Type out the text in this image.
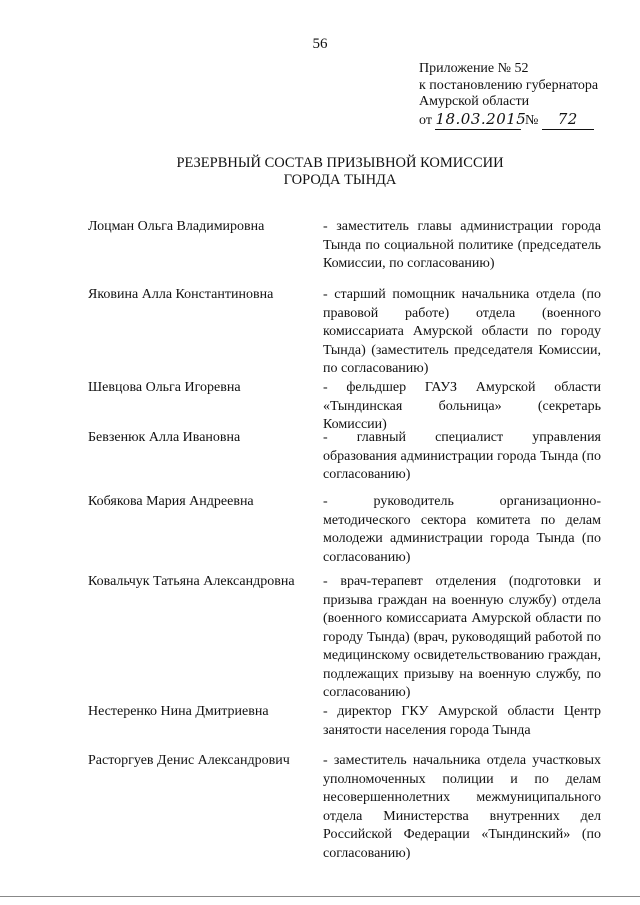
56
Приложение № 52
к постановлению губернатора
Амурской области
от 18.03.2015 № 72
РЕЗЕРВНЫЙ СОСТАВ ПРИЗЫВНОЙ КОМИССИИ
ГОРОДА ТЫНДА
Лоцман Ольга Владимировна	- заместитель главы администрации города Тында по социальной политике (председатель Комиссии, по согласованию)
Яковина Алла Константиновна	- старший помощник начальника отдела (по правовой работе) отдела (военного комиссариата Амурской области по городу Тында) (заместитель председателя Комиссии, по согласованию)
Шевцова Ольга Игоревна	- фельдшер ГАУЗ Амурской области «Тындинская больница» (секретарь Комиссии)
Бевзенюк Алла Ивановна	- главный специалист управления образования администрации города Тында (по согласованию)
Кобякова Мария Андреевна	- руководитель организационно-методического сектора комитета по делам молодежи администрации города Тында (по согласованию)
Ковальчук Татьяна Александровна	- врач-терапевт отделения (подготовки и призыва граждан на военную службу) отдела (военного комиссариата Амурской области по городу Тында) (врач, руководящий работой по медицинскому освидетельствованию граждан, подлежащих призыву на военную службу, по согласованию)
Нестеренко Нина Дмитриевна	- директор ГКУ Амурской области Центр занятости населения города Тында
Расторгуев Денис Александрович	- заместитель начальника отдела участковых уполномоченных полиции и по делам несовершеннолетних межмуниципального отдела Министерства внутренних дел Российской Федерации «Тындинский» (по согласованию)
